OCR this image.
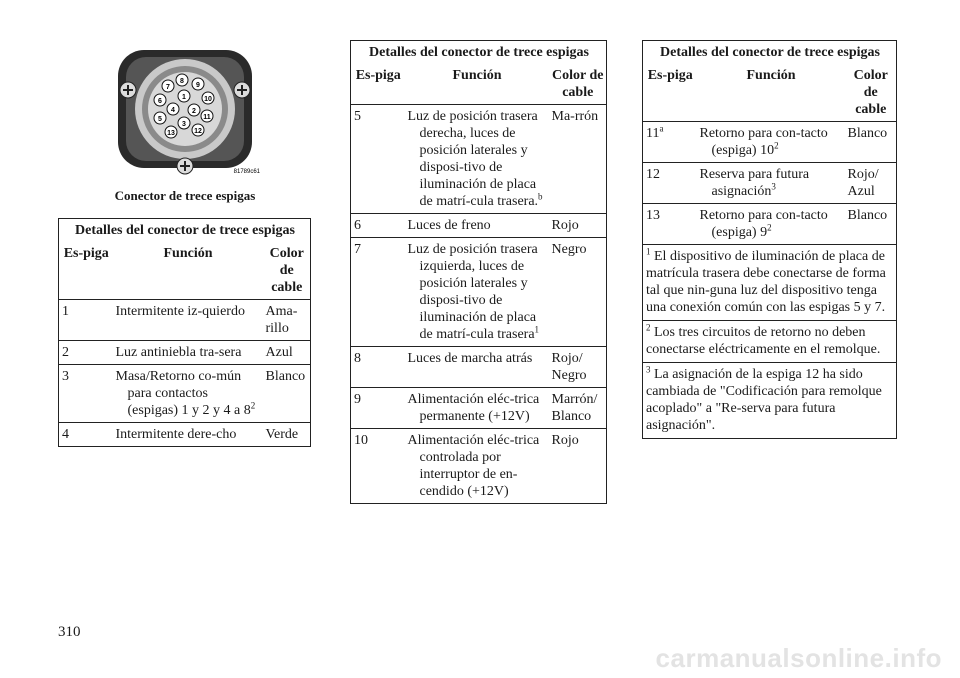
7
8
9
6
1	10
4 2
5	11
3
13	12
81789c61
Conector de trece espigas
Detalles del conector de trece espigas		
Es-piga	Función	Color de cable
1	Intermitente iz-quierdo	Ama-rillo
2	Luz antiniebla tra-sera	Azul
3	Masa/Retorno co-mún para contactos (espigas) 1 y 2 y 4 a $8^2$	Blanco
4	Intermitente dere-cho	Verde
Detalles del conector de trece espigas		
Es-piga	Función	Color de cable
5	Luz de posición trasera derecha, luces de posición laterales y disposi-tivo de iluminación de placa de matrí-cula trasera.$^b$	Ma-rrón
6	Luces de freno	Rojo
7	Luz de posición trasera izquierda, luces de posición laterales y disposi-tivo de iluminación de placa de matrí-cula trasera$^1$	Negro
8	Luces de marcha atrás	Rojo/ Negro
9	Alimentación eléc-trica permanente (+12V)	Marrón/ Blanco
10	Alimentación eléc-trica controlada por interruptor de en-cendido (+12V)	Rojo
Detalles del conector de trece espigas		
Es-piga	Función	Color de cable
11$^a$	Retorno para con-tacto (espiga) $10^2$	Blanco
12	Reserva para futura asignación$^3$	Rojo/ Azul
13	Retorno para con-tacto (espiga) $9^2$	Blanco
$^1$ El dispositivo de iluminación de placa de matrícula trasera debe conectarse de forma tal que nin-guna luz del dispositivo tenga una conexión común con las espigas 5 y 7.		
$^2$ Los tres circuitos de retorno no deben conectarse eléctricamente en el remolque.		
$^3$ La asignación de la espiga 12 ha sido cambiada de "Codificación para remolque acoplado" a "Re-serva para futura asignación".		
310
carmanualsonline.info
